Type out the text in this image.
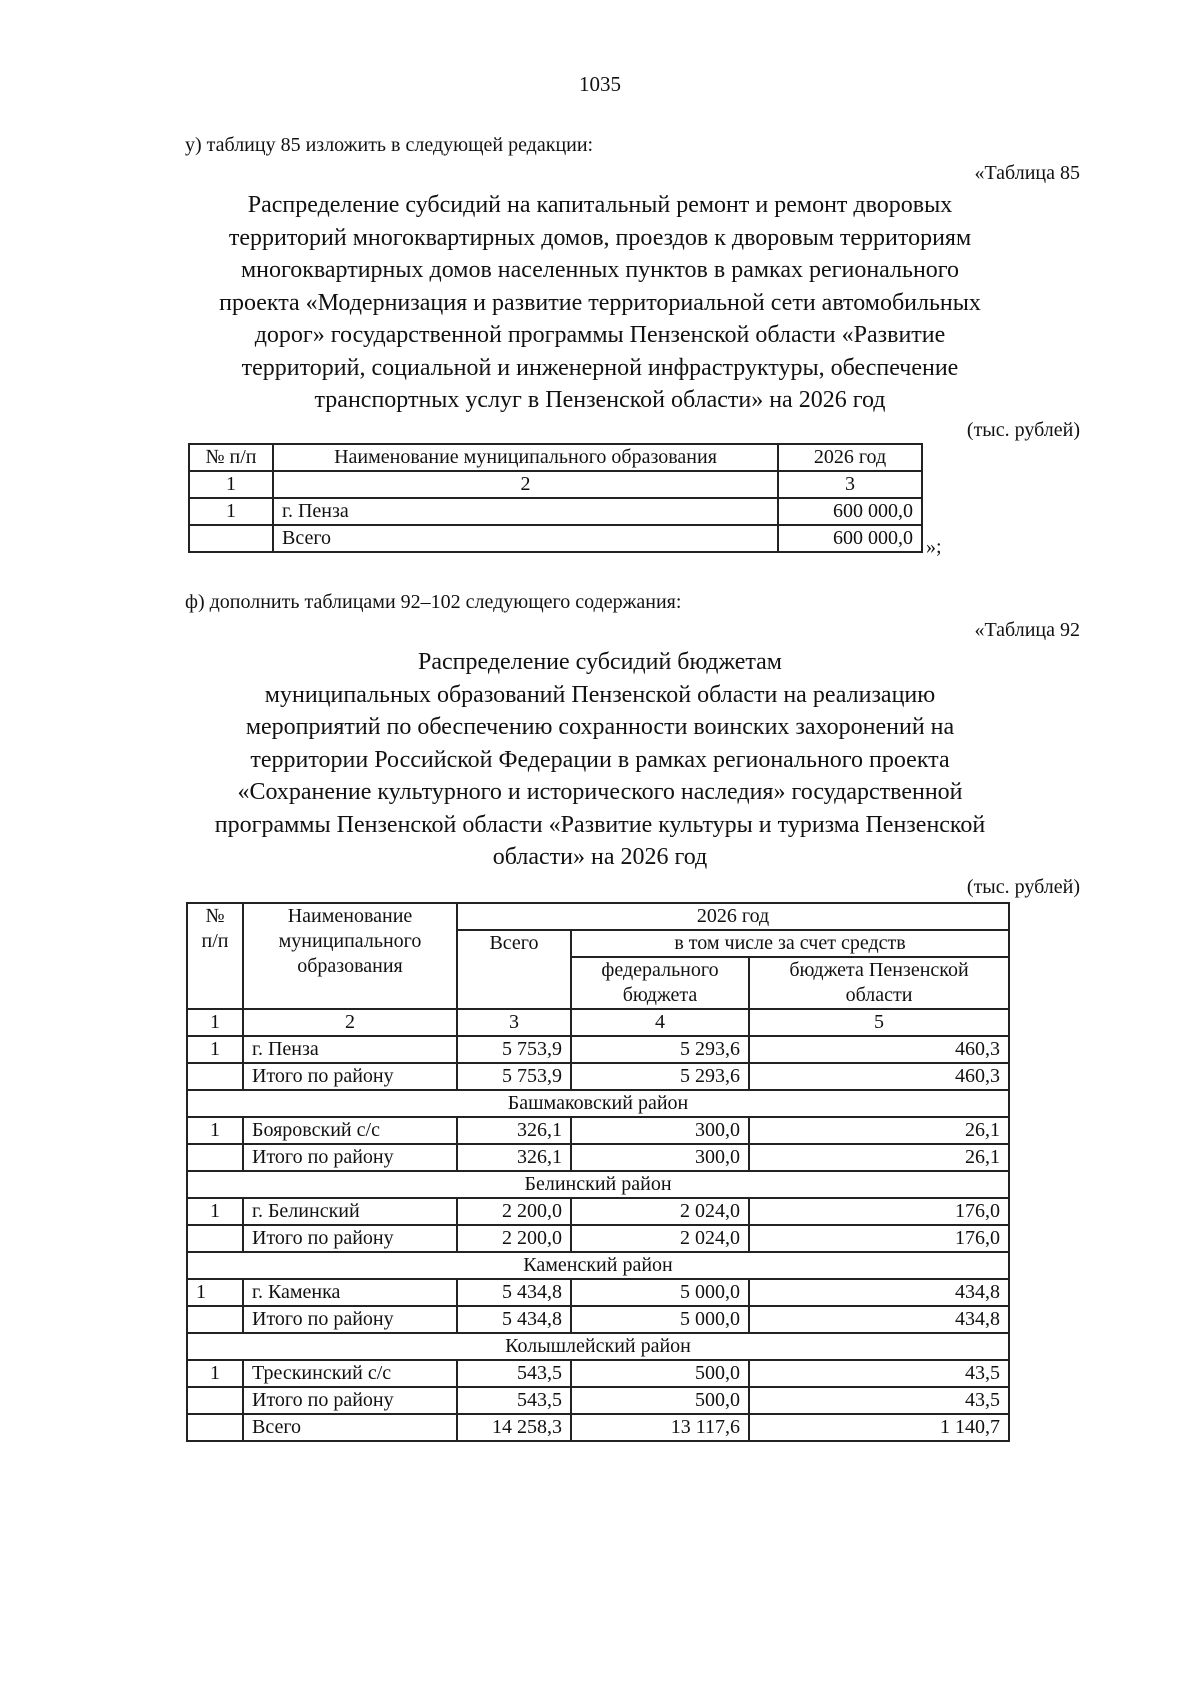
1035
у) таблицу 85 изложить в следующей редакции:
«Таблица 85
Распределение субсидий на капитальный ремонт и ремонт дворовых
территорий многоквартирных домов, проездов к дворовым территориям
многоквартирных домов населенных пунктов в рамках регионального
проекта «Модернизация и развитие территориальной сети автомобильных
дорог» государственной программы Пензенской области «Развитие
территорий, социальной и инженерной инфраструктуры, обеспечение
транспортных услуг в Пензенской области» на 2026 год
(тыс. рублей)
№ п/п	Наименование муниципального образования	2026 год
1	2	3
1	г. Пенза	600 000,0
	Всего	600 000,0 »;
ф) дополнить таблицами 92–102 следующего содержания:
«Таблица 92
Распределение субсидий бюджетам
муниципальных образований Пензенской области на реализацию
мероприятий по обеспечению сохранности воинских захоронений на
территории Российской Федерации в рамках регионального проекта
«Сохранение культурного и исторического наследия» государственной
программы Пензенской области «Развитие культуры и туризма Пензенской
области» на 2026 год
(тыс. рублей)
№ п/п	Наименование муниципального образования	2026 год		
		Всего	в том числе за счет средств	
			федерального бюджета	бюджета Пензенской области
1	2	3	4	5
1	г. Пенза	5 753,9	5 293,6	460,3
	Итого по району	5 753,9	5 293,6	460,3
Башмаковский район				
1	Бояровский с/с	326,1	300,0	26,1
	Итого по району	326,1	300,0	26,1
Белинский район				
1	г. Белинский	2 200,0	2 024,0	176,0
	Итого по району	2 200,0	2 024,0	176,0
Каменский район				
1	г. Каменка	5 434,8	5 000,0	434,8
	Итого по району	5 434,8	5 000,0	434,8
Колышлейский район				
1	Трескинский с/с	543,5	500,0	43,5
	Итого по району	543,5	500,0	43,5
	Всего	14 258,3	13 117,6	1 140,7
